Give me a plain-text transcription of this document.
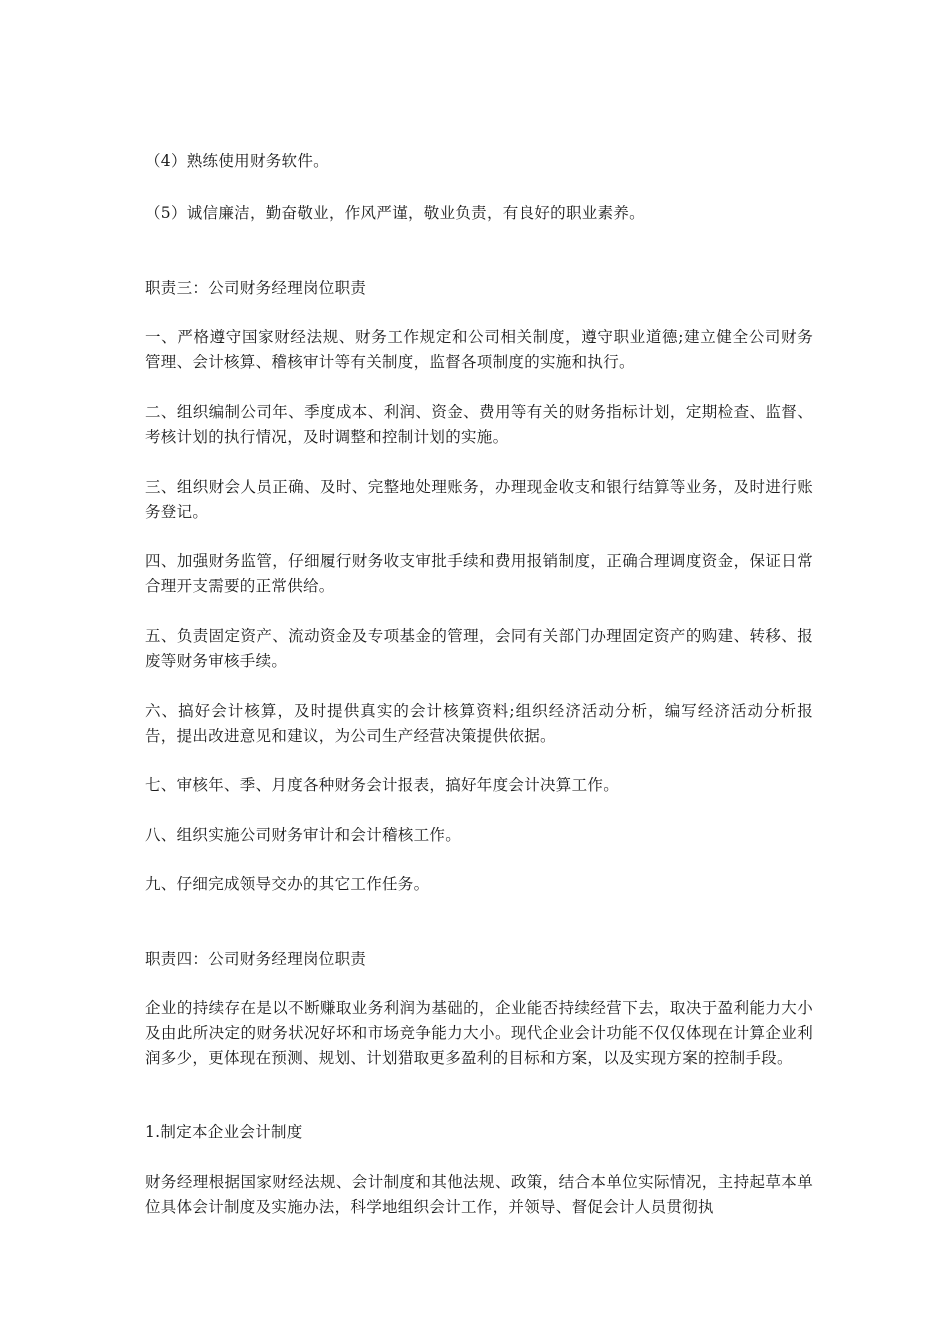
（4）熟练使用财务软件。

（5）诚信廉洁，勤奋敬业，作风严谨，敬业负责，有良好的职业素养。

职责三：公司财务经理岗位职责

一、严格遵守国家财经法规、财务工作规定和公司相关制度，遵守职业道德;建立健全公司财务管理、会计核算、稽核审计等有关制度，监督各项制度的实施和执行。

二、组织编制公司年、季度成本、利润、资金、费用等有关的财务指标计划，定期检查、监督、考核计划的执行情况，及时调整和控制计划的实施。

三、组织财会人员正确、及时、完整地处理账务，办理现金收支和银行结算等业务，及时进行账务登记。

四、加强财务监管，仔细履行财务收支审批手续和费用报销制度，正确合理调度资金，保证日常合理开支需要的正常供给。

五、负责固定资产、流动资金及专项基金的管理，会同有关部门办理固定资产的购建、转移、报废等财务审核手续。

六、搞好会计核算，及时提供真实的会计核算资料;组织经济活动分析，编写经济活动分析报告，提出改进意见和建议，为公司生产经营决策提供依据。

七、审核年、季、月度各种财务会计报表，搞好年度会计决算工作。

八、组织实施公司财务审计和会计稽核工作。

九、仔细完成领导交办的其它工作任务。

职责四：公司财务经理岗位职责

企业的持续存在是以不断赚取业务利润为基础的，企业能否持续经营下去，取决于盈利能力大小及由此所决定的财务状况好坏和市场竞争能力大小。现代企业会计功能不仅仅体现在计算企业利润多少，更体现在预测、规划、计划猎取更多盈利的目标和方案，以及实现方案的控制手段。

1.制定本企业会计制度

财务经理根据国家财经法规、会计制度和其他法规、政策，结合本单位实际情况，主持起草本单位具体会计制度及实施办法，科学地组织会计工作，并领导、督促会计人员贯彻执
